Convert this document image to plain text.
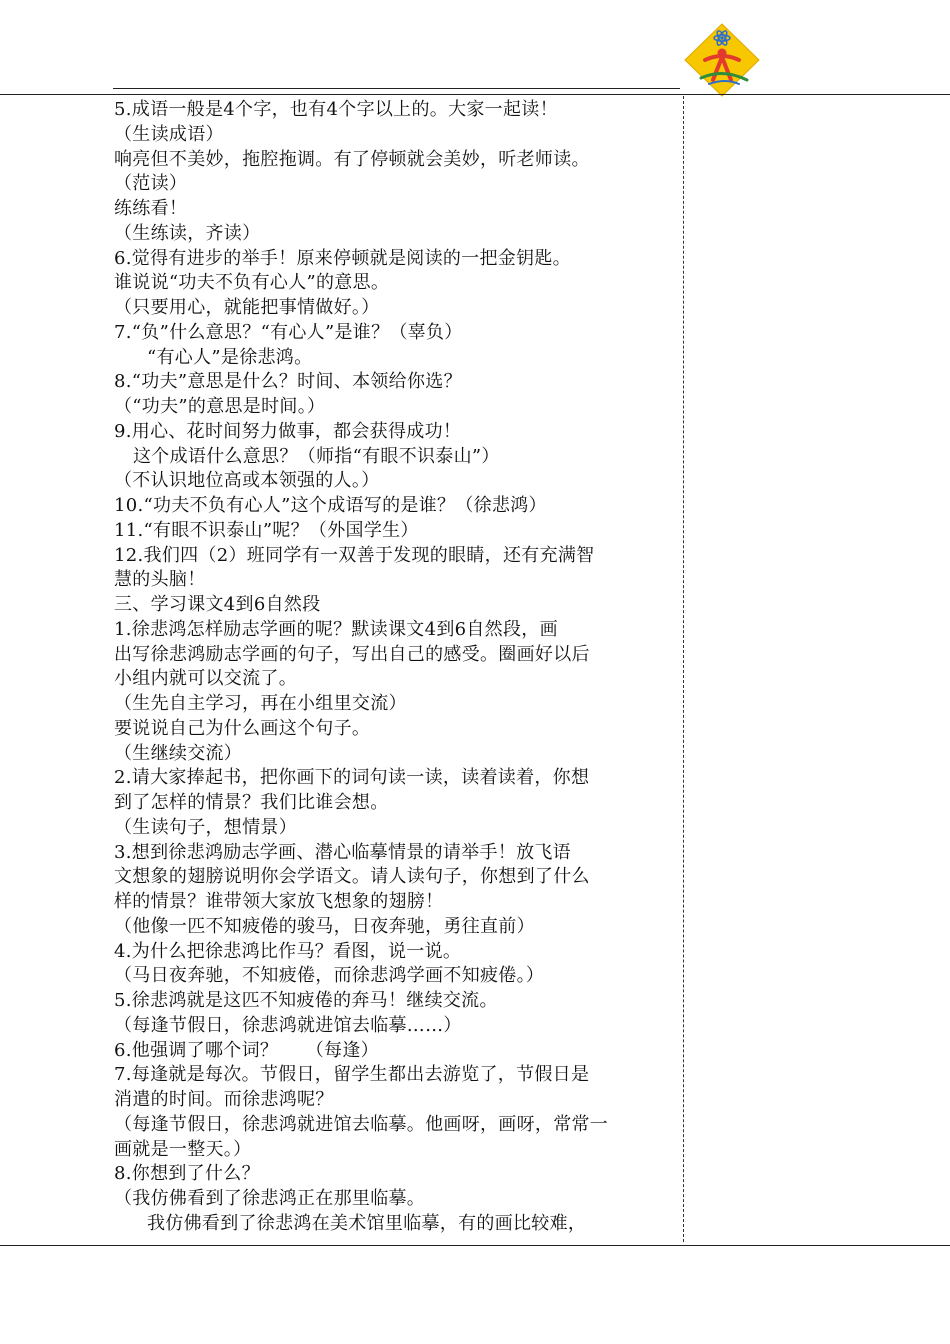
5.成语一般是4个字，也有4个字以上的。大家一起读！
（生读成语）
响亮但不美妙，拖腔拖调。有了停顿就会美妙，听老师读。
（范读）
练练看！
（生练读，齐读）
6.觉得有进步的举手！原来停顿就是阅读的一把金钥匙。
谁说说“功夫不负有心人”的意思。
（只要用心，就能把事情做好。）
7.“负”什么意思？“有心人”是谁？（辜负）
“有心人”是徐悲鸿。
8.“功夫”意思是什么？时间、本领给你选？
（“功夫”的意思是时间。）
9.用心、花时间努力做事，都会获得成功！
这个成语什么意思？（师指“有眼不识泰山”）
（不认识地位高或本领强的人。）
10.“功夫不负有心人”这个成语写的是谁？（徐悲鸿）
11.“有眼不识泰山”呢？（外国学生）
12.我们四（2）班同学有一双善于发现的眼睛，还有充满智
慧的头脑！
三、学习课文4到6自然段
1.徐悲鸿怎样励志学画的呢？默读课文4到6自然段，画
出写徐悲鸿励志学画的句子，写出自己的感受。圈画好以后
小组内就可以交流了。
（生先自主学习，再在小组里交流）
要说说自己为什么画这个句子。
（生继续交流）
2.请大家捧起书，把你画下的词句读一读，读着读着，你想
到了怎样的情景？我们比谁会想。
（生读句子，想情景）
3.想到徐悲鸿励志学画、潜心临摹情景的请举手！放飞语
文想象的翅膀说明你会学语文。请人读句子，你想到了什么
样的情景？谁带领大家放飞想象的翅膀！
（他像一匹不知疲倦的骏马，日夜奔驰，勇往直前）
4.为什么把徐悲鸿比作马？看图，说一说。
（马日夜奔驰，不知疲倦，而徐悲鸿学画不知疲倦。）
5.徐悲鸿就是这匹不知疲倦的奔马！继续交流。
（每逢节假日，徐悲鸿就进馆去临摹……）
6.他强调了哪个词？　　（每逢）
7.每逢就是每次。节假日，留学生都出去游览了，节假日是
消遣的时间。而徐悲鸿呢？
（每逢节假日，徐悲鸿就进馆去临摹。他画呀，画呀，常常一
画就是一整天。）
8.你想到了什么？
（我仿佛看到了徐悲鸿正在那里临摹。
我仿佛看到了徐悲鸿在美术馆里临摹，有的画比较难，
